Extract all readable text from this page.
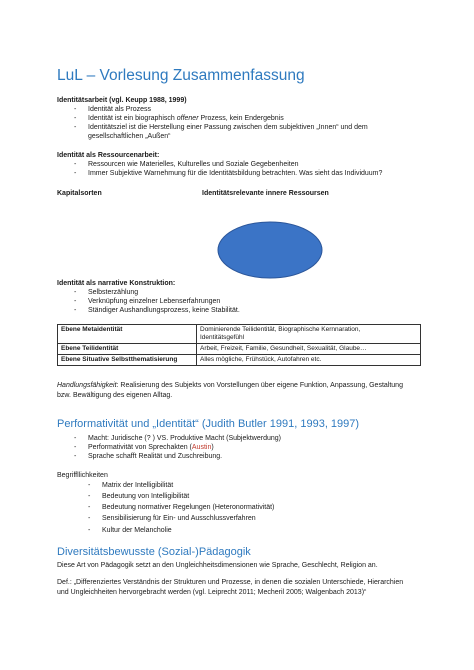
LuL – Vorlesung Zusammenfassung
Identitätsarbeit (vgl. Keupp 1988, 1999)
- Identität als Prozess
- Identität ist ein biographisch offener Prozess, kein Endergebnis
- Identitätsziel ist die Herstellung einer Passung zwischen dem subjektiven „Innen“ und dem
gesellschaftlichen „Außen“
Identität als Ressourcenarbeit:
- Ressourcen wie Materielles, Kulturelles und Soziale Gegebenheiten
- Immer Subjektive Warnehmung für die Identitätsbildung betrachten. Was sieht das Individuum?
Kapitalsorten	Identitätsrelevante innere Ressoursen
Identität als narrative Konstruktion:
- Selbsterzählung
- Verknüpfung einzelner Lebenserfahrungen
- Ständiger Aushandlungsprozess, keine Stabilität.
Ebene Metaidentität	Dominierende Teilidentität, Biographische Kernnaration,
Identitätsgefühl
Ebene Teilidentität	Arbeit, Freizeit, Familie, Gesundheit, Sexualität, Glaube…
Ebene Situative Selbstthematisierung	Alles mögliche, Frühstück, Autofahren etc.
Handlungsfähigkeit: Realisierung des Subjekts von Vorstellungen über eigene Funktion, Anpassung, Gestaltung
bzw. Bewältigung des eigenen Alltag.
Performativität und „Identität“ (Judith Butler 1991, 1993, 1997)
- Macht: Juridische (? ) VS. Produktive Macht (Subjektwerdung)
- Performativität von Sprechakten (Austin)
- Sprache schafft Realität und Zuschreibung.
Begriffllichkeiten
- Matrix der Intelligibilität
- Bedeutung von Intelligibilität
- Bedeutung normativer Regelungen (Heteronormativität)
- Sensibilisierung für Ein- und Ausschlussverfahren
- Kultur der Melancholie
Diversitätsbewusste (Sozial-)Pädagogik
Diese Art von Pädagogik setzt an den Ungleichheitsdimensionen wie Sprache, Geschlecht, Religion an.
Def.: „Differenziertes Verständnis der Strukturen und Prozesse, in denen die sozialen Unterschiede, Hierarchien
und Ungleichheiten hervorgebracht werden (vgl. Leiprecht 2011; Mecheril 2005; Walgenbach 2013)“
